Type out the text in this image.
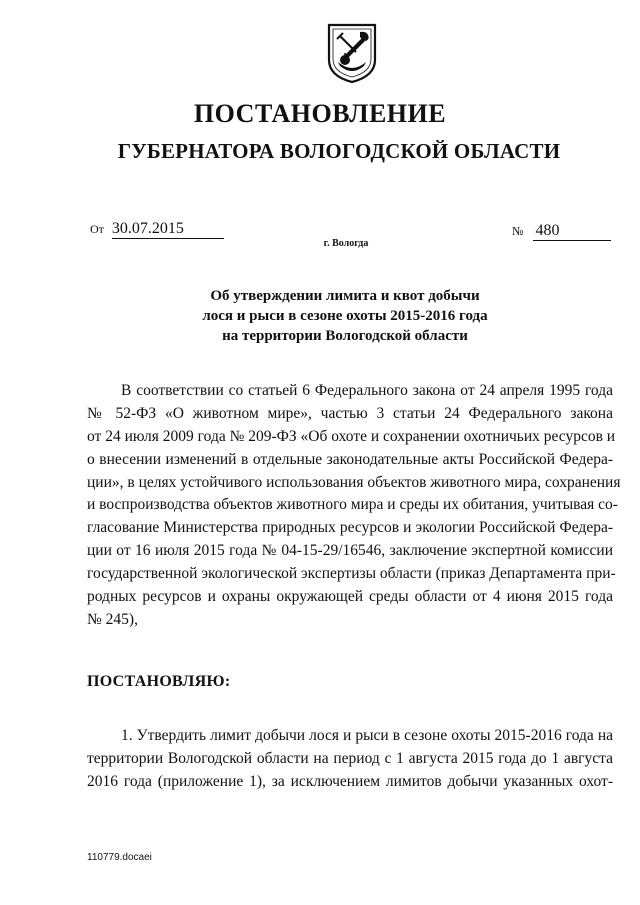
ПОСТАНОВЛЕНИЕ
ГУБЕРНАТОРА ВОЛОГОДСКОЙ ОБЛАСТИ
От 30.07.2015	№ 480
г. Вологда
Об утверждении лимита и квот добычи
лося и рыси в сезоне охоты 2015-2016 года
на территории Вологодской области
В соответствии со статьей 6 Федерального закона от 24 апреля 1995 года
№ 52-ФЗ «О животном мире», частью 3 статьи 24 Федерального закона
от 24 июля 2009 года № 209-ФЗ «Об охоте и сохранении охотничьих ресурсов и
о внесении изменений в отдельные законодательные акты Российской Федера-
ции», в целях устойчивого использования объектов животного мира, сохранения
и воспроизводства объектов животного мира и среды их обитания, учитывая со-
гласование Министерства природных ресурсов и экологии Российской Федера-
ции от 16 июля 2015 года № 04-15-29/16546, заключение экспертной комиссии
государственной экологической экспертизы области (приказ Департамента при-
родных ресурсов и охраны окружающей среды области от 4 июня 2015 года
№ 245),
ПОСТАНОВЛЯЮ:
1. Утвердить лимит добычи лося и рыси в сезоне охоты 2015-2016 года на
территории Вологодской области на период с 1 августа 2015 года до 1 августа
2016 года (приложение 1), за исключением лимитов добычи указанных охот-
110779.docaei
